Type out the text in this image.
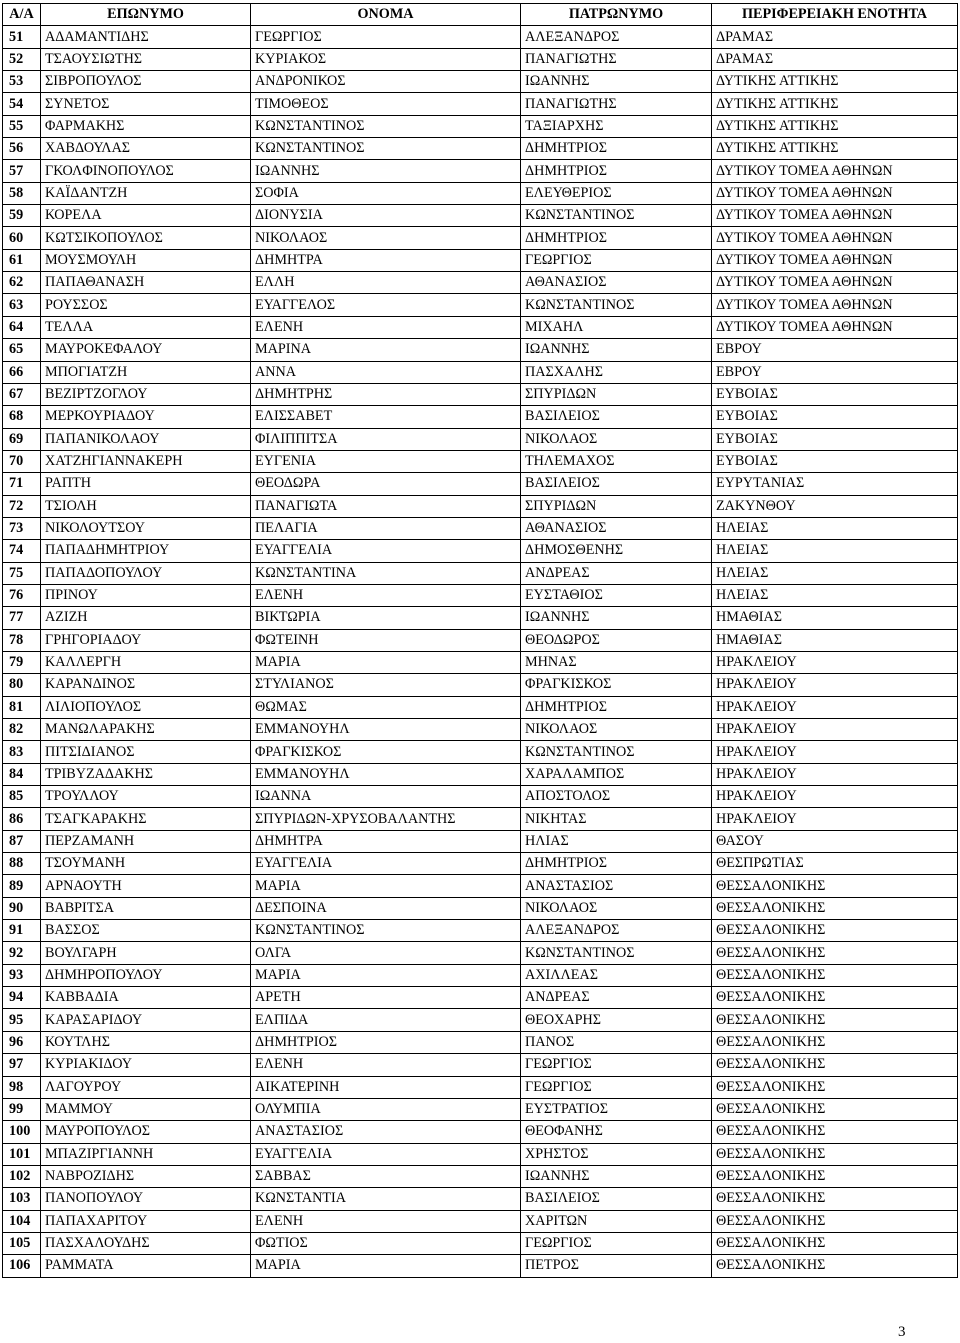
Α/Α	ΕΠΩΝΥΜΟ	ΟΝΟΜΑ	ΠΑΤΡΩΝΥΜΟ	ΠΕΡΙΦΕΡΕΙΑΚΗ ΕΝΟΤΗΤΑ
51	ΑΔΑΜΑΝΤΙΔΗΣ	ΓΕΩΡΓΙΟΣ	ΑΛΕΞΑΝΔΡΟΣ	ΔΡΑΜΑΣ
52	ΤΣΑΟΥΣΙΩΤΗΣ	ΚΥΡΙΑΚΟΣ	ΠΑΝΑΓΙΩΤΗΣ	ΔΡΑΜΑΣ
53	ΣΙΒΡΟΠΟΥΛΟΣ	ΑΝΔΡΟΝΙΚΟΣ	ΙΩΑΝΝΗΣ	ΔΥΤΙΚΗΣ ΑΤΤΙΚΗΣ
54	ΣΥΝΕΤΟΣ	ΤΙΜΟΘΕΟΣ	ΠΑΝΑΓΙΩΤΗΣ	ΔΥΤΙΚΗΣ ΑΤΤΙΚΗΣ
55	ΦΑΡΜΑΚΗΣ	ΚΩΝΣΤΑΝΤΙΝΟΣ	ΤΑΞΙΑΡΧΗΣ	ΔΥΤΙΚΗΣ ΑΤΤΙΚΗΣ
56	ΧΑΒΔΟΥΛΑΣ	ΚΩΝΣΤΑΝΤΙΝΟΣ	ΔΗΜΗΤΡΙΟΣ	ΔΥΤΙΚΗΣ ΑΤΤΙΚΗΣ
57	ΓΚΟΛΦΙΝΟΠΟΥΛΟΣ	ΙΩΑΝΝΗΣ	ΔΗΜΗΤΡΙΟΣ	ΔΥΤΙΚΟΥ ΤΟΜΕΑ ΑΘΗΝΩΝ
58	ΚΑΪΔΑΝΤΖΗ	ΣΟΦΙΑ	ΕΛΕΥΘΕΡΙΟΣ	ΔΥΤΙΚΟΥ ΤΟΜΕΑ ΑΘΗΝΩΝ
59	ΚΟΡΕΛΑ	ΔΙΟΝΥΣΙΑ	ΚΩΝΣΤΑΝΤΙΝΟΣ	ΔΥΤΙΚΟΥ ΤΟΜΕΑ ΑΘΗΝΩΝ
60	ΚΩΤΣΙΚΟΠΟΥΛΟΣ	ΝΙΚΟΛΑΟΣ	ΔΗΜΗΤΡΙΟΣ	ΔΥΤΙΚΟΥ ΤΟΜΕΑ ΑΘΗΝΩΝ
61	ΜΟΥΣΜΟΥΛΗ	ΔΗΜΗΤΡΑ	ΓΕΩΡΓΙΟΣ	ΔΥΤΙΚΟΥ ΤΟΜΕΑ ΑΘΗΝΩΝ
62	ΠΑΠΑΘΑΝΑΣΗ	ΕΛΛΗ	ΑΘΑΝΑΣΙΟΣ	ΔΥΤΙΚΟΥ ΤΟΜΕΑ ΑΘΗΝΩΝ
63	ΡΟΥΣΣΟΣ	ΕΥΑΓΓΕΛΟΣ	ΚΩΝΣΤΑΝΤΙΝΟΣ	ΔΥΤΙΚΟΥ ΤΟΜΕΑ ΑΘΗΝΩΝ
64	ΤΕΛΛΑ	ΕΛΕΝΗ	ΜΙΧΑΗΛ	ΔΥΤΙΚΟΥ ΤΟΜΕΑ ΑΘΗΝΩΝ
65	ΜΑΥΡΟΚΕΦΑΛΟΥ	ΜΑΡΙΝΑ	ΙΩΑΝΝΗΣ	ΕΒΡΟΥ
66	ΜΠΟΓΙΑΤΖΗ	ΑΝΝΑ	ΠΑΣΧΑΛΗΣ	ΕΒΡΟΥ
67	ΒΕΖΙΡΤΖΟΓΛΟΥ	ΔΗΜΗΤΡΗΣ	ΣΠΥΡΙΔΩΝ	ΕΥΒΟΙΑΣ
68	ΜΕΡΚΟΥΡΙΑΔΟΥ	ΕΛΙΣΣΑΒΕΤ	ΒΑΣΙΛΕΙΟΣ	ΕΥΒΟΙΑΣ
69	ΠΑΠΑΝΙΚΟΛΑΟΥ	ΦΙΛΙΠΠΙΤΣΑ	ΝΙΚΟΛΑΟΣ	ΕΥΒΟΙΑΣ
70	ΧΑΤΖΗΓΙΑΝΝΑΚΕΡΗ	ΕΥΓΕΝΙΑ	ΤΗΛΕΜΑΧΟΣ	ΕΥΒΟΙΑΣ
71	ΡΑΠΤΗ	ΘΕΟΔΩΡΑ	ΒΑΣΙΛΕΙΟΣ	ΕΥΡΥΤΑΝΙΑΣ
72	ΤΣΙΟΛΗ	ΠΑΝΑΓΙΩΤΑ	ΣΠΥΡΙΔΩΝ	ΖΑΚΥΝΘΟΥ
73	ΝΙΚΟΛΟΥΤΣΟΥ	ΠΕΛΑΓΙΑ	ΑΘΑΝΑΣΙΟΣ	ΗΛΕΙΑΣ
74	ΠΑΠΑΔΗΜΗΤΡΙΟΥ	ΕΥΑΓΓΕΛΙΑ	ΔΗΜΟΣΘΕΝΗΣ	ΗΛΕΙΑΣ
75	ΠΑΠΑΔΟΠΟΥΛΟΥ	ΚΩΝΣΤΑΝΤΙΝΑ	ΑΝΔΡΕΑΣ	ΗΛΕΙΑΣ
76	ΠΡΙΝΟΥ	ΕΛΕΝΗ	ΕΥΣΤΑΘΙΟΣ	ΗΛΕΙΑΣ
77	ΑΖΙΖΗ	ΒΙΚΤΩΡΙΑ	ΙΩΑΝΝΗΣ	ΗΜΑΘΙΑΣ
78	ΓΡΗΓΟΡΙΑΔΟΥ	ΦΩΤΕΙΝΗ	ΘΕΟΔΩΡΟΣ	ΗΜΑΘΙΑΣ
79	ΚΑΛΛΕΡΓΗ	ΜΑΡΙΑ	ΜΗΝΑΣ	ΗΡΑΚΛΕΙΟΥ
80	ΚΑΡΑΝΔΙΝΟΣ	ΣΤΥΛΙΑΝΟΣ	ΦΡΑΓΚΙΣΚΟΣ	ΗΡΑΚΛΕΙΟΥ
81	ΛΙΛΙΟΠΟΥΛΟΣ	ΘΩΜΑΣ	ΔΗΜΗΤΡΙΟΣ	ΗΡΑΚΛΕΙΟΥ
82	ΜΑΝΩΛΑΡΑΚΗΣ	ΕΜΜΑΝΟΥΗΛ	ΝΙΚΟΛΑΟΣ	ΗΡΑΚΛΕΙΟΥ
83	ΠΙΤΣΙΔΙΑΝΟΣ	ΦΡΑΓΚΙΣΚΟΣ	ΚΩΝΣΤΑΝΤΙΝΟΣ	ΗΡΑΚΛΕΙΟΥ
84	ΤΡΙΒΥΖΑΔΑΚΗΣ	ΕΜΜΑΝΟΥΗΛ	ΧΑΡΑΛΑΜΠΟΣ	ΗΡΑΚΛΕΙΟΥ
85	ΤΡΟΥΛΛΟΥ	ΙΩΑΝΝΑ	ΑΠΟΣΤΟΛΟΣ	ΗΡΑΚΛΕΙΟΥ
86	ΤΣΑΓΚΑΡΑΚΗΣ	ΣΠΥΡΙΔΩΝ-ΧΡΥΣΟΒΑΛΑΝΤΗΣ	ΝΙΚΗΤΑΣ	ΗΡΑΚΛΕΙΟΥ
87	ΠΕΡΖΑΜΑΝΗ	ΔΗΜΗΤΡΑ	ΗΛΙΑΣ	ΘΑΣΟΥ
88	ΤΣΟΥΜΑΝΗ	ΕΥΑΓΓΕΛΙΑ	ΔΗΜΗΤΡΙΟΣ	ΘΕΣΠΡΩΤΙΑΣ
89	ΑΡΝΑΟΥΤΗ	ΜΑΡΙΑ	ΑΝΑΣΤΑΣΙΟΣ	ΘΕΣΣΑΛΟΝΙΚΗΣ
90	ΒΑΒΡΙΤΣΑ	ΔΕΣΠΟΙΝΑ	ΝΙΚΟΛΑΟΣ	ΘΕΣΣΑΛΟΝΙΚΗΣ
91	ΒΑΣΣΟΣ	ΚΩΝΣΤΑΝΤΙΝΟΣ	ΑΛΕΞΑΝΔΡΟΣ	ΘΕΣΣΑΛΟΝΙΚΗΣ
92	ΒΟΥΛΓΑΡΗ	ΟΛΓΑ	ΚΩΝΣΤΑΝΤΙΝΟΣ	ΘΕΣΣΑΛΟΝΙΚΗΣ
93	ΔΗΜΗΡΟΠΟΥΛΟΥ	ΜΑΡΙΑ	ΑΧΙΛΛΕΑΣ	ΘΕΣΣΑΛΟΝΙΚΗΣ
94	ΚΑΒΒΑΔΙΑ	ΑΡΕΤΗ	ΑΝΔΡΕΑΣ	ΘΕΣΣΑΛΟΝΙΚΗΣ
95	ΚΑΡΑΣΑΡΙΔΟΥ	ΕΛΠΙΔΑ	ΘΕΟΧΑΡΗΣ	ΘΕΣΣΑΛΟΝΙΚΗΣ
96	ΚΟΥΤΛΗΣ	ΔΗΜΗΤΡΙΟΣ	ΠΑΝΟΣ	ΘΕΣΣΑΛΟΝΙΚΗΣ
97	ΚΥΡΙΑΚΙΔΟΥ	ΕΛΕΝΗ	ΓΕΩΡΓΙΟΣ	ΘΕΣΣΑΛΟΝΙΚΗΣ
98	ΛΑΓΟΥΡΟΥ	ΑΙΚΑΤΕΡΙΝΗ	ΓΕΩΡΓΙΟΣ	ΘΕΣΣΑΛΟΝΙΚΗΣ
99	ΜΑΜΜΟΥ	ΟΛΥΜΠΙΑ	ΕΥΣΤΡΑΤΙΟΣ	ΘΕΣΣΑΛΟΝΙΚΗΣ
100	ΜΑΥΡΟΠΟΥΛΟΣ	ΑΝΑΣΤΑΣΙΟΣ	ΘΕΟΦΑΝΗΣ	ΘΕΣΣΑΛΟΝΙΚΗΣ
101	ΜΠΑΖΙΡΓΙΑΝΝΗ	ΕΥΑΓΓΕΛΙΑ	ΧΡΗΣΤΟΣ	ΘΕΣΣΑΛΟΝΙΚΗΣ
102	ΝΑΒΡΟΖΙΔΗΣ	ΣΑΒΒΑΣ	ΙΩΑΝΝΗΣ	ΘΕΣΣΑΛΟΝΙΚΗΣ
103	ΠΑΝΟΠΟΥΛΟΥ	ΚΩΝΣΤΑΝΤΙΑ	ΒΑΣΙΛΕΙΟΣ	ΘΕΣΣΑΛΟΝΙΚΗΣ
104	ΠΑΠΑΧΑΡΙΤΟΥ	ΕΛΕΝΗ	ΧΑΡΙΤΩΝ	ΘΕΣΣΑΛΟΝΙΚΗΣ
105	ΠΑΣΧΑΛΟΥΔΗΣ	ΦΩΤΙΟΣ	ΓΕΩΡΓΙΟΣ	ΘΕΣΣΑΛΟΝΙΚΗΣ
106	ΡΑΜΜΑΤΑ	ΜΑΡΙΑ	ΠΕΤΡΟΣ	ΘΕΣΣΑΛΟΝΙΚΗΣ
3
